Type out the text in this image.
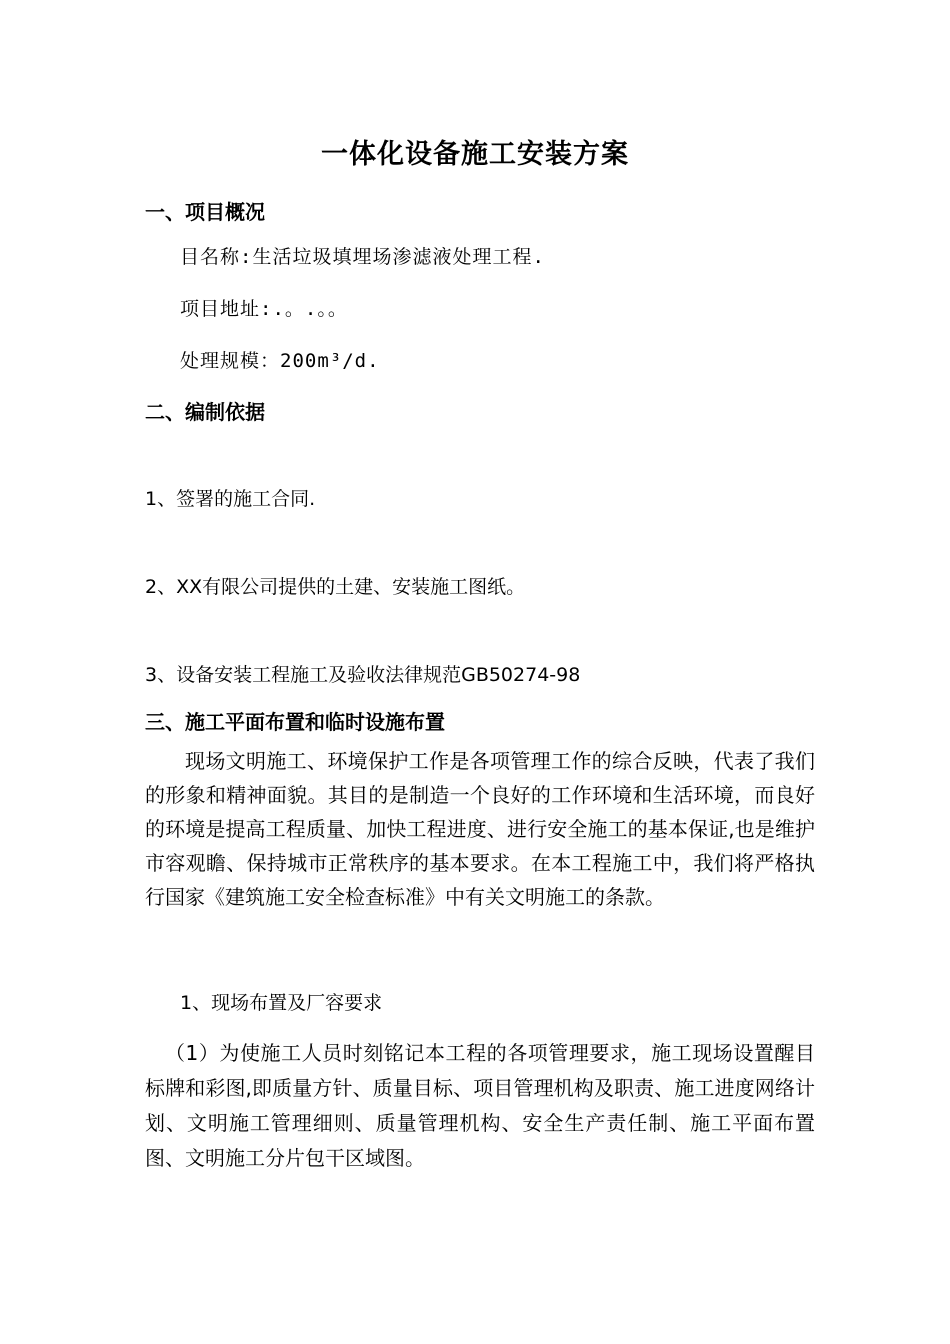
一体化设备施工安装方案
一、项目概况
目名称:生活垃圾填埋场渗滤液处理工程.
项目地址:.。.。。
处理规模：200m³/d.
二、编制依据
1、签署的施工合同.
2、XX有限公司提供的土建、安装施工图纸。
3、设备安装工程施工及验收法律规范GB50274-98
三、施工平面布置和临时设施布置
现场文明施工、环境保护工作是各项管理工作的综合反映，代表了我们的形象和精神面貌。其目的是制造一个良好的工作环境和生活环境，而良好的环境是提高工程质量、加快工程进度、进行安全施工的基本保证,也是维护市容观瞻、保持城市正常秩序的基本要求。在本工程施工中，我们将严格执行国家《建筑施工安全检查标准》中有关文明施工的条款。
1、现场布置及厂容要求
（1）为使施工人员时刻铭记本工程的各项管理要求，施工现场设置醒目标牌和彩图,即质量方针、质量目标、项目管理机构及职责、施工进度网络计划、文明施工管理细则、质量管理机构、安全生产责任制、施工平面布置图、文明施工分片包干区域图。
